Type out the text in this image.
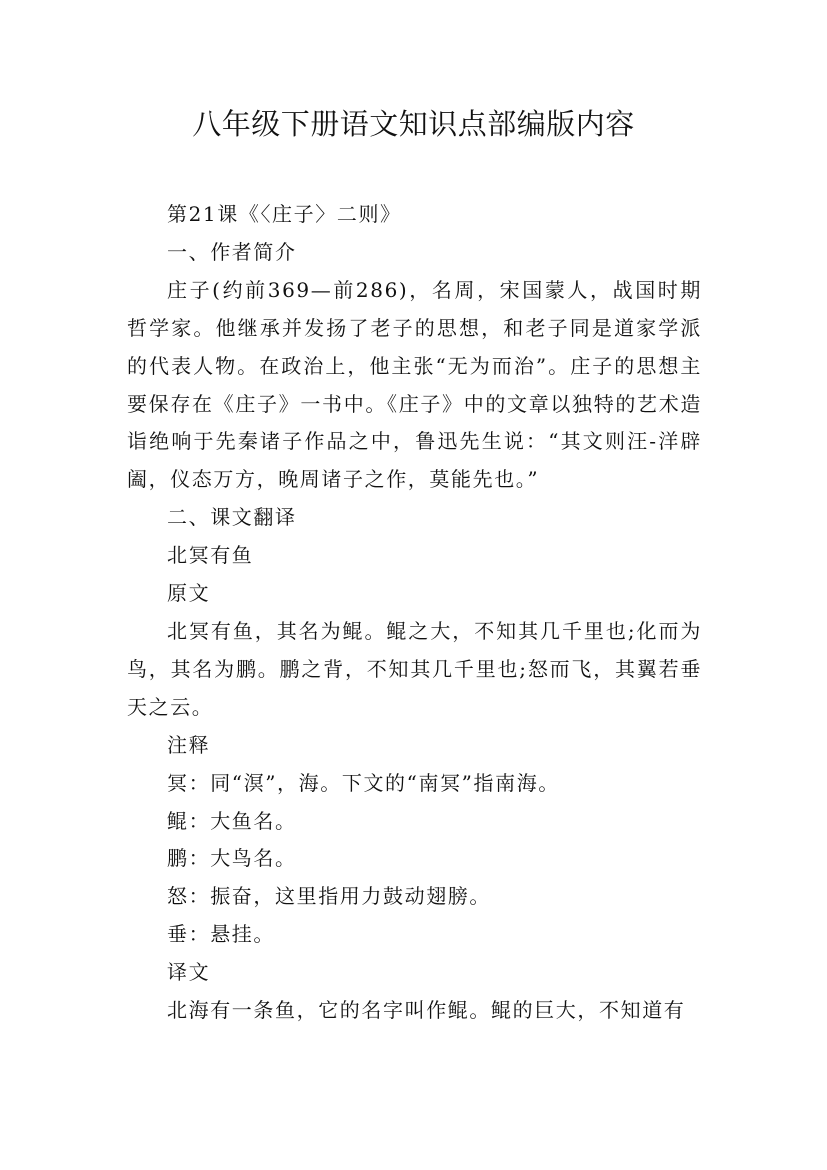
八年级下册语文知识点部编版内容

第21课《〈庄子〉二则》

一、作者简介

庄子(约前369—前286)，名周，宋国蒙人，战国时期哲学家。他继承并发扬了老子的思想，和老子同是道家学派的代表人物。在政治上，他主张“无为而治”。庄子的思想主要保存在《庄子》一书中。《庄子》中的文章以独特的艺术造诣绝响于先秦诸子作品之中，鲁迅先生说：“其文则汪-洋辟阖，仪态万方，晚周诸子之作，莫能先也。”

二、课文翻译

北冥有鱼

原文

北冥有鱼，其名为鲲。鲲之大，不知其几千里也;化而为鸟，其名为鹏。鹏之背，不知其几千里也;怒而飞，其翼若垂天之云。

注释

冥：同“溟”，海。下文的“南冥”指南海。

鲲：大鱼名。

鹏：大鸟名。

怒：振奋，这里指用力鼓动翅膀。

垂：悬挂。

译文

北海有一条鱼，它的名字叫作鲲。鲲的巨大，不知道有
